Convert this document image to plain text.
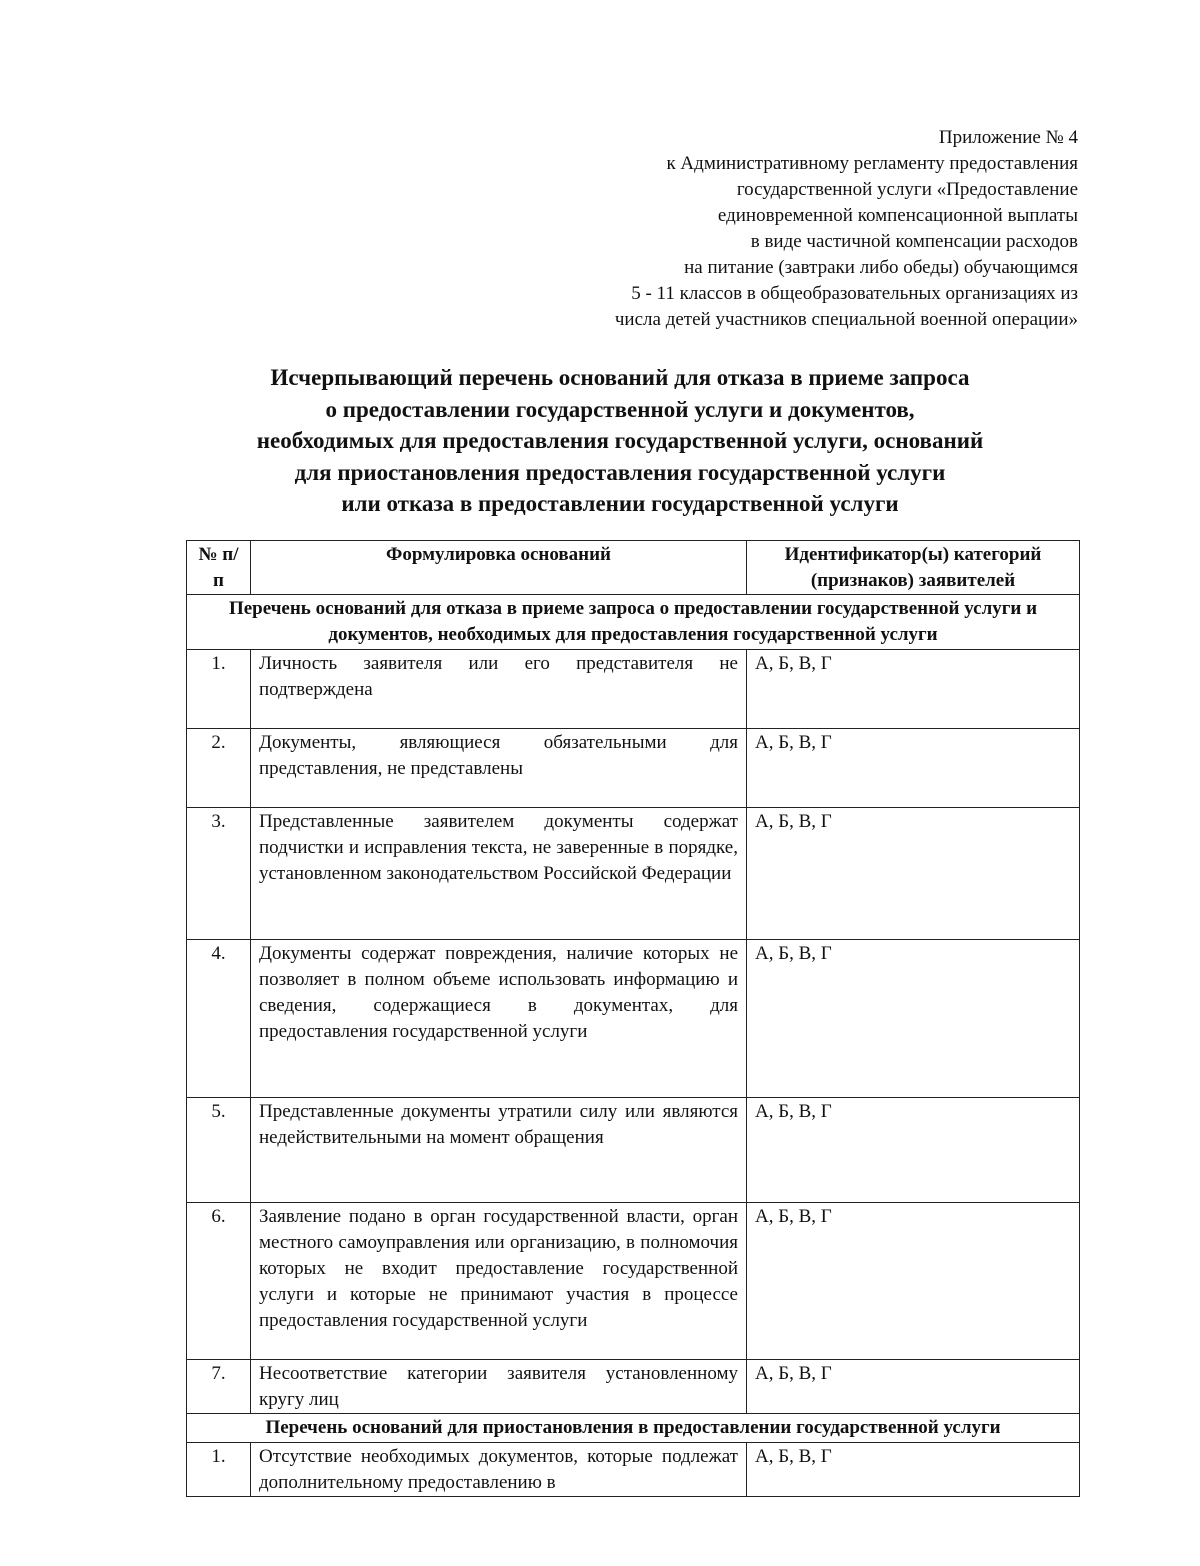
Приложение № 4
к Административному регламенту предоставления
государственной услуги «Предоставление
единовременной компенсационной выплаты
в виде частичной компенсации расходов
на питание (завтраки либо обеды) обучающимся
5 - 11 классов в общеобразовательных организациях из
числа детей участников специальной военной операции»
Исчерпывающий перечень оснований для отказа в приеме запроса
о предоставлении государственной услуги и документов,
необходимых для предоставления государственной услуги, оснований
для приостановления предоставления государственной услуги
или отказа в предоставлении государственной услуги
№ п/п	Формулировка оснований	Идентификатор(ы) категорий (признаков) заявителей
Перечень оснований для отказа в приеме запроса о предоставлении государственной услуги и документов, необходимых для предоставления государственной услуги		
1.	Личность заявителя или его представителя не подтверждена	А, Б, В, Г
2.	Документы, являющиеся обязательными для представления, не представлены	А, Б, В, Г
3.	Представленные заявителем документы содержат подчистки и исправления текста, не заверенные в порядке, установленном законодательством Российской Федерации	А, Б, В, Г
4.	Документы содержат повреждения, наличие которых не позволяет в полном объеме использовать информацию и сведения, содержащиеся в документах, для предоставления государственной услуги	А, Б, В, Г
5.	Представленные документы утратили силу или являются недействительными на момент обращения	А, Б, В, Г
6.	Заявление подано в орган государственной власти, орган местного самоуправления или организацию, в полномочия которых не входит предоставление государственной услуги и которые не принимают участия в процессе предоставления государственной услуги	А, Б, В, Г
7.	Несоответствие категории заявителя установленному кругу лиц	А, Б, В, Г
Перечень оснований для приостановления в предоставлении государственной услуги		
1.	Отсутствие необходимых документов, которые подлежат дополнительному предоставлению в	А, Б, В, Г
